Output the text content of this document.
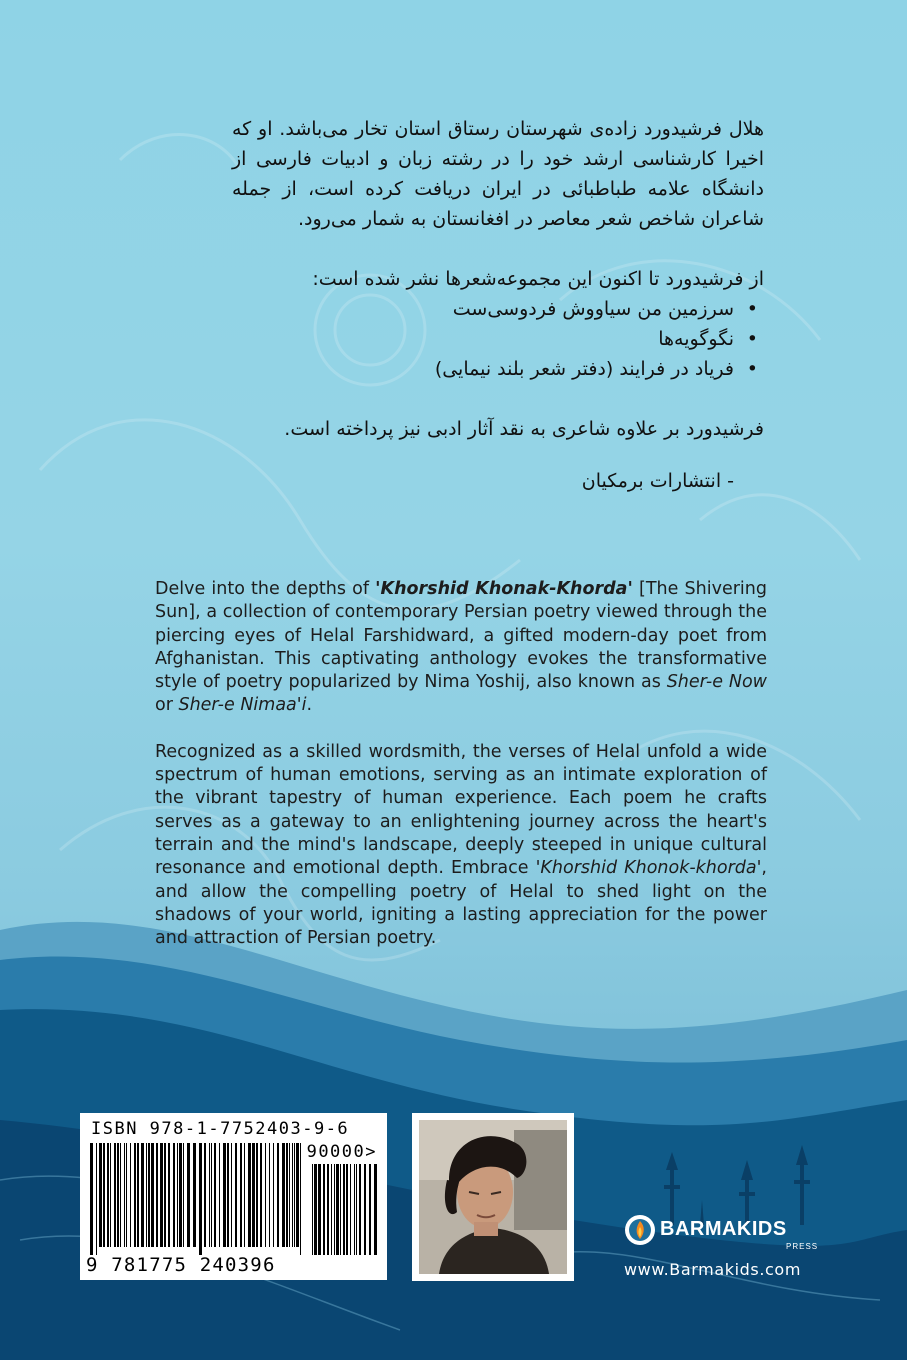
هلال فرشیدورد زاده‌ی شهرستان رستاق استان تخار می‌باشد. او که اخیرا کارشناسی ارشد خود را در رشته زبان و ادبیات فارسی از دانشگاه علامه طباطبائی در ایران دریافت کرده است، از جمله شاعران شاخص شعر معاصر در افغانستان به شمار می‌رود.

از فرشیدورد تا اکنون این مجموعه‌شعرها نشر شده است:

• سرزمین من سیاووش فردوسی‌ست
• نگوگویه‌ها
• فریاد در فرایند (دفتر شعر بلند نیمایی)

فرشیدورد بر علاوه شاعری به نقد آثار ادبی نیز پرداخته است.

- انتشارات برمکیان

Delve into the depths of 'Khorshid Khonak-Khorda' [The Shivering Sun], a collection of contemporary Persian poetry viewed through the piercing eyes of Helal Farshidward, a gifted modern-day poet from Afghanistan. This captivating anthology evokes the transformative style of poetry popularized by Nima Yoshij, also known as Sher-e Now or Sher-e Nimaa'i.

Recognized as a skilled wordsmith, the verses of Helal unfold a wide spectrum of human emotions, serving as an intimate exploration of the vibrant tapestry of human experience. Each poem he crafts serves as a gateway to an enlightening journey across the heart's terrain and the mind's landscape, deeply steeped in unique cultural resonance and emotional depth. Embrace 'Khorshid Khonok-khorda', and allow the compelling poetry of Helal to shed light on the shadows of your world, igniting a lasting appreciation for the power and attraction of Persian poetry.

ISBN 978-1-7752403-9-6
90000>
9 781775 240396
BARMAKIDS
PRESS
www.Barmakids.com
